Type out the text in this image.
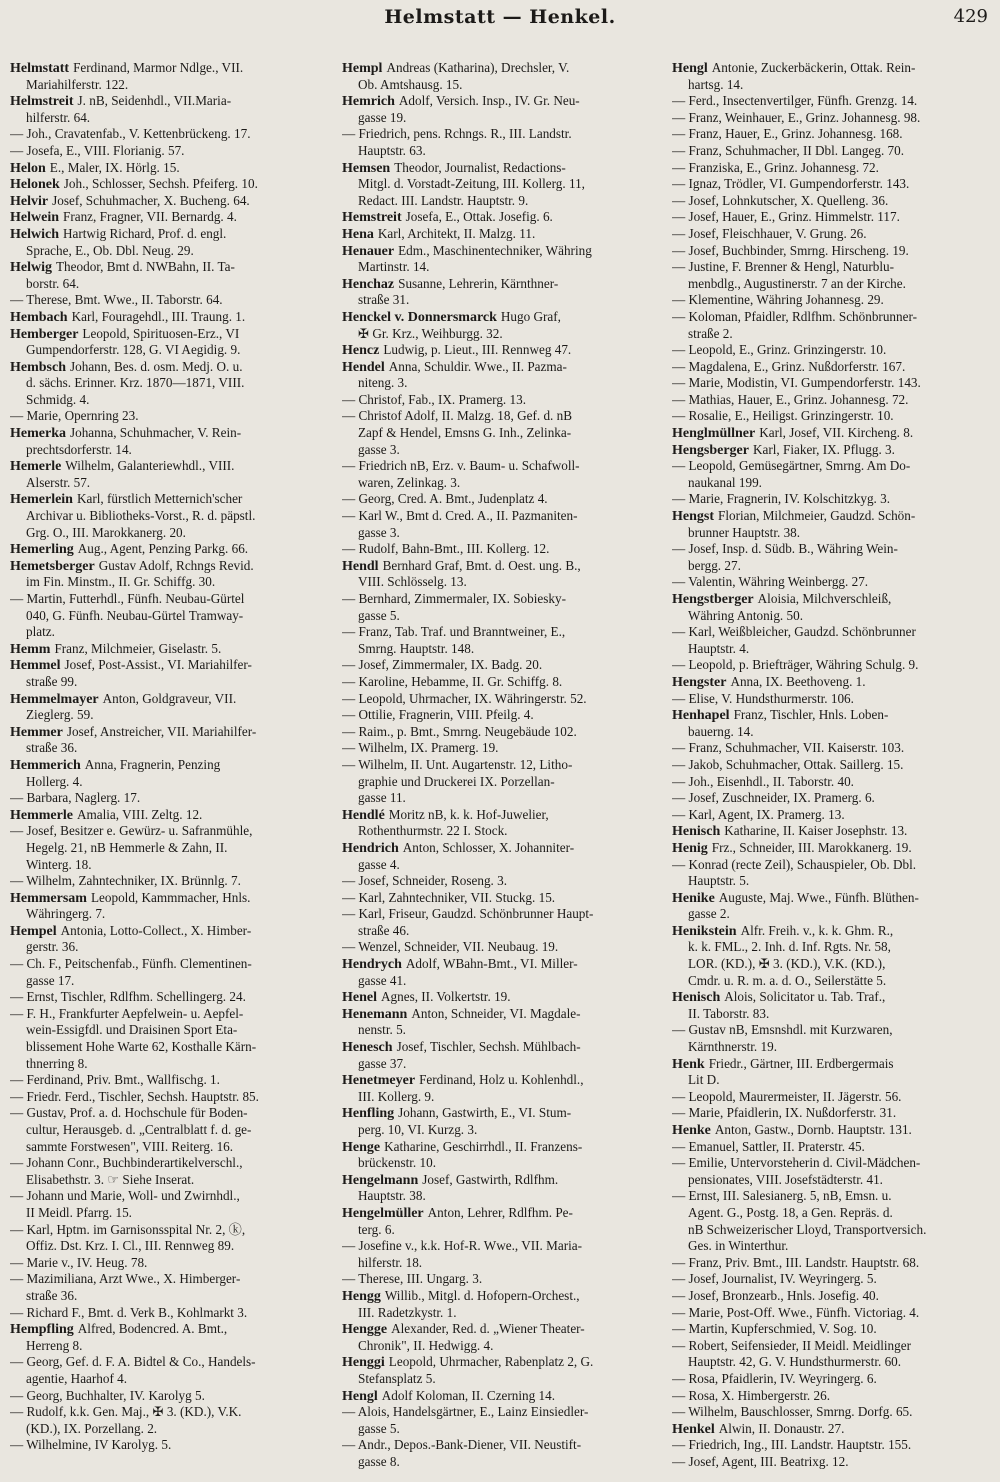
Helmstatt — Henkel.	429
Helmstatt Ferdinand, Marmor Ndlge., VII.
Mariahilferstr. 122.
Helmstreit J. nB, Seidenhdl., VII.Maria-
hilferstr. 64.
— Joh., Cravatenfab., V. Kettenbrückeng. 17.
— Josefa, E., VIII. Florianig. 57.
Helon E., Maler, IX. Hörlg. 15.
Helonek Joh., Schlosser, Sechsh. Pfeiferg. 10.
Helvir Josef, Schuhmacher, X. Bucheng. 64.
Helwein Franz, Fragner, VII. Bernardg. 4.
Helwich Hartwig Richard, Prof. d. engl.
Sprache, E., Ob. Dbl. Neug. 29.
Helwig Theodor, Bmt d. NWBahn, II. Ta-
borstr. 64.
— Therese, Bmt. Wwe., II. Taborstr. 64.
Hembach Karl, Fouragehdl., III. Traung. 1.
Hemberger Leopold, Spirituosen-Erz., VI
Gumpendorferstr. 128, G. VI Aegidig. 9.
Hembsch Johann, Bes. d. osm. Medj. O. u.
d. sächs. Erinner. Krz. 1870—1871, VIII.
Schmidg. 4.
— Marie, Opernring 23.
Hemerka Johanna, Schuhmacher, V. Rein-
prechtsdorferstr. 14.
Hemerle Wilhelm, Galanteriewhdl., VIII.
Alserstr. 57.
Hemerlein Karl, fürstlich Metternich'scher
Archivar u. Bibliotheks-Vorst., R. d. päpstl.
Grg. O., III. Marokkanerg. 20.
Hemerling Aug., Agent, Penzing Parkg. 66.
Hemetsberger Gustav Adolf, Rchngs Revid.
im Fin. Minstm., II. Gr. Schiffg. 30.
— Martin, Futterhdl., Fünfh. Neubau-Gürtel
040, G. Fünfh. Neubau-Gürtel Tramway-
platz.
Hemm Franz, Milchmeier, Giselastr. 5.
Hemmel Josef, Post-Assist., VI. Mariahilfer-
straße 99.
Hemmelmayer Anton, Goldgraveur, VII.
Zieglerg. 59.
Hemmer Josef, Anstreicher, VII. Mariahilfer-
straße 36.
Hemmerich Anna, Fragnerin, Penzing
Hollerg. 4.
— Barbara, Naglerg. 17.
Hemmerle Amalia, VIII. Zeltg. 12.
— Josef, Besitzer e. Gewürz- u. Safranmühle,
Hegelg. 21, nB Hemmerle & Zahn, II.
Winterg. 18.
— Wilhelm, Zahntechniker, IX. Brünnlg. 7.
Hemmersam Leopold, Kammmacher, Hnls.
Währingerg. 7.
Hempel Antonia, Lotto-Collect., X. Himber-
gerstr. 36.
— Ch. F., Peitschenfab., Fünfh. Clementinen-
gasse 17.
— Ernst, Tischler, Rdlfhm. Schellingerg. 24.
— F. H., Frankfurter Aepfelwein- u. Aepfel-
wein-Essigfdl. und Draisinen Sport Eta-
blissement Hohe Warte 62, Kosthalle Kärn-
thnerring 8.
— Ferdinand, Priv. Bmt., Wallfischg. 1.
— Friedr. Ferd., Tischler, Sechsh. Hauptstr. 85.
— Gustav, Prof. a. d. Hochschule für Boden-
cultur, Herausgeb. d. „Centralblatt f. d. ge-
sammte Forstwesen", VIII. Reiterg. 16.
— Johann Conr., Buchbinderartikelverschl.,
Elisabethstr. 3. ☞ Siehe Inserat.
— Johann und Marie, Woll- und Zwirnhdl.,
II Meidl. Pfarrg. 15.
— Karl, Hptm. im Garnisonsspital Nr. 2, ⓚ,
Offiz. Dst. Krz. I. Cl., III. Rennweg 89.
— Marie v., IV. Heug. 78.
— Mazimiliana, Arzt Wwe., X. Himberger-
straße 36.
— Richard F., Bmt. d. Verk B., Kohlmarkt 3.
Hempfling Alfred, Bodencred. A. Bmt.,
Herreng 8.
— Georg, Gef. d. F. A. Bidtel & Co., Handels-
agentie, Haarhof 4.
— Georg, Buchhalter, IV. Karolyg 5.
— Rudolf, k.k. Gen. Maj., ✠ 3. (KD.), V.K.
(KD.), IX. Porzellang. 2.
— Wilhelmine, IV Karolyg. 5.
Hempl Andreas (Katharina), Drechsler, V.
Ob. Amtshausg. 15.
Hemrich Adolf, Versich. Insp., IV. Gr. Neu-
gasse 19.
— Friedrich, pens. Rchngs. R., III. Landstr.
Hauptstr. 63.
Hemsen Theodor, Journalist, Redactions-
Mitgl. d. Vorstadt-Zeitung, III. Kollerg. 11,
Redact. III. Landstr. Hauptstr. 9.
Hemstreit Josefa, E., Ottak. Josefig. 6.
Hena Karl, Architekt, II. Malzg. 11.
Henauer Edm., Maschinentechniker, Währing
Martinstr. 14.
Henchaz Susanne, Lehrerin, Kärnthner-
straße 31.
Henckel v. Donnersmarck Hugo Graf,
✠ Gr. Krz., Weihburgg. 32.
Hencz Ludwig, p. Lieut., III. Rennweg 47.
Hendel Anna, Schuldir. Wwe., II. Pazma-
niteng. 3.
— Christof, Fab., IX. Pramerg. 13.
— Christof Adolf, II. Malzg. 18, Gef. d. nB
Zapf & Hendel, Emsns G. Inh., Zelinka-
gasse 3.
— Friedrich nB, Erz. v. Baum- u. Schafwoll-
waren, Zelinkag. 3.
— Georg, Cred. A. Bmt., Judenplatz 4.
— Karl W., Bmt d. Cred. A., II. Pazmaniten-
gasse 3.
— Rudolf, Bahn-Bmt., III. Kollerg. 12.
Hendl Bernhard Graf, Bmt. d. Oest. ung. B.,
VIII. Schlösselg. 13.
— Bernhard, Zimmermaler, IX. Sobiesky-
gasse 5.
— Franz, Tab. Traf. und Branntweiner, E.,
Smrng. Hauptstr. 148.
— Josef, Zimmermaler, IX. Badg. 20.
— Karoline, Hebamme, II. Gr. Schiffg. 8.
— Leopold, Uhrmacher, IX. Währingerstr. 52.
— Ottilie, Fragnerin, VIII. Pfeilg. 4.
— Raim., p. Bmt., Smrng. Neugebäude 102.
— Wilhelm, IX. Pramerg. 19.
— Wilhelm, II. Unt. Augartenstr. 12, Litho-
graphie und Druckerei IX. Porzellan-
gasse 11.
Hendlé Moritz nB, k. k. Hof-Juwelier,
Rothenthurmstr. 22 I. Stock.
Hendrich Anton, Schlosser, X. Johanniter-
gasse 4.
— Josef, Schneider, Roseng. 3.
— Karl, Zahntechniker, VII. Stuckg. 15.
— Karl, Friseur, Gaudzd. Schönbrunner Haupt-
straße 46.
— Wenzel, Schneider, VII. Neubaug. 19.
Hendrych Adolf, WBahn-Bmt., VI. Miller-
gasse 41.
Henel Agnes, II. Volkertstr. 19.
Henemann Anton, Schneider, VI. Magdale-
nenstr. 5.
Henesch Josef, Tischler, Sechsh. Mühlbach-
gasse 37.
Henetmeyer Ferdinand, Holz u. Kohlenhdl.,
III. Kollerg. 9.
Henfling Johann, Gastwirth, E., VI. Stum-
perg. 10, VI. Kurzg. 3.
Henge Katharine, Geschirrhdl., II. Franzens-
brückenstr. 10.
Hengelmann Josef, Gastwirth, Rdlfhm.
Hauptstr. 38.
Hengelmüller Anton, Lehrer, Rdlfhm. Pe-
terg. 6.
— Josefine v., k.k. Hof-R. Wwe., VII. Maria-
hilferstr. 18.
— Therese, III. Ungarg. 3.
Hengg Willib., Mitgl. d. Hofopern-Orchest.,
III. Radetzkystr. 1.
Hengge Alexander, Red. d. „Wiener Theater-
Chronik", II. Hedwigg. 4.
Henggi Leopold, Uhrmacher, Rabenplatz 2, G.
Stefansplatz 5.
Hengl Adolf Koloman, II. Czerning 14.
— Alois, Handelsgärtner, E., Lainz Einsiedler-
gasse 5.
— Andr., Depos.-Bank-Diener, VII. Neustift-
gasse 8.
Hengl Antonie, Zuckerbäckerin, Ottak. Rein-
hartsg. 14.
— Ferd., Insectenvertilger, Fünfh. Grenzg. 14.
— Franz, Weinhauer, E., Grinz. Johannesg. 98.
— Franz, Hauer, E., Grinz. Johannesg. 168.
— Franz, Schuhmacher, II Dbl. Langeg. 70.
— Franziska, E., Grinz. Johannesg. 72.
— Ignaz, Trödler, VI. Gumpendorferstr. 143.
— Josef, Lohnkutscher, X. Quelleng. 36.
— Josef, Hauer, E., Grinz. Himmelstr. 117.
— Josef, Fleischhauer, V. Grung. 26.
— Josef, Buchbinder, Smrng. Hirscheng. 19.
— Justine, F. Brenner & Hengl, Naturblu-
menbdlg., Augustinerstr. 7 an der Kirche.
— Klementine, Währing Johannesg. 29.
— Koloman, Pfaidler, Rdlfhm. Schönbrunner-
straße 2.
— Leopold, E., Grinz. Grinzingerstr. 10.
— Magdalena, E., Grinz. Nußdorferstr. 167.
— Marie, Modistin, VI. Gumpendorferstr. 143.
— Mathias, Hauer, E., Grinz. Johannesg. 72.
— Rosalie, E., Heiligst. Grinzingerstr. 10.
Henglmüllner Karl, Josef, VII. Kircheng. 8.
Hengsberger Karl, Fiaker, IX. Pflugg. 3.
— Leopold, Gemüsegärtner, Smrng. Am Do-
naukanal 199.
— Marie, Fragnerin, IV. Kolschitzkyg. 3.
Hengst Florian, Milchmeier, Gaudzd. Schön-
brunner Hauptstr. 38.
— Josef, Insp. d. Südb. B., Währing Wein-
bergg. 27.
— Valentin, Währing Weinbergg. 27.
Hengstberger Aloisia, Milchverschleiß,
Währing Antonig. 50.
— Karl, Weißbleicher, Gaudzd. Schönbrunner
Hauptstr. 4.
— Leopold, p. Briefträger, Währing Schulg. 9.
Hengster Anna, IX. Beethoveng. 1.
— Elise, V. Hundsthurmerstr. 106.
Henhapel Franz, Tischler, Hnls. Loben-
bauerng. 14.
— Franz, Schuhmacher, VII. Kaiserstr. 103.
— Jakob, Schuhmacher, Ottak. Saillerg. 15.
— Joh., Eisenhdl., II. Taborstr. 40.
— Josef, Zuschneider, IX. Pramerg. 6.
— Karl, Agent, IX. Pramerg. 13.
Henisch Katharine, II. Kaiser Josephstr. 13.
Henig Frz., Schneider, III. Marokkanerg. 19.
— Konrad (recte Zeil), Schauspieler, Ob. Dbl.
Hauptstr. 5.
Henike Auguste, Maj. Wwe., Fünfh. Blüthen-
gasse 2.
Henikstein Alfr. Freih. v., k. k. Ghm. R.,
k. k. FML., 2. Inh. d. Inf. Rgts. Nr. 58,
LOR. (KD.), ✠ 3. (KD.), V.K. (KD.),
Cmdr. u. R. m. a. d. O., Seilerstätte 5.
Henisch Alois, Solicitator u. Tab. Traf.,
II. Taborstr. 83.
— Gustav nB, Emsnshdl. mit Kurzwaren,
Kärnthnerstr. 19.
Henk Friedr., Gärtner, III. Erdbergermais
Lit D.
— Leopold, Maurermeister, II. Jägerstr. 56.
— Marie, Pfaidlerin, IX. Nußdorferstr. 31.
Henke Anton, Gastw., Dornb. Hauptstr. 131.
— Emanuel, Sattler, II. Praterstr. 45.
— Emilie, Untervorsteherin d. Civil-Mädchen-
pensionates, VIII. Josefstädterstr. 41.
— Ernst, III. Salesianerg. 5, nB, Emsn. u.
Agent. G., Postg. 18, a Gen. Repräs. d.
nB Schweizerischer Lloyd, Transportversich.
Ges. in Winterthur.
— Franz, Priv. Bmt., III. Landstr. Hauptstr. 68.
— Josef, Journalist, IV. Weyringerg. 5.
— Josef, Bronzearb., Hnls. Josefig. 40.
— Marie, Post-Off. Wwe., Fünfh. Victoriag. 4.
— Martin, Kupferschmied, V. Sog. 10.
— Robert, Seifensieder, II Meidl. Meidlinger
Hauptstr. 42, G. V. Hundsthurmerstr. 60.
— Rosa, Pfaidlerin, IV. Weyringerg. 6.
— Rosa, X. Himbergerstr. 26.
— Wilhelm, Bauschlosser, Smrng. Dorfg. 65.
Henkel Alwin, II. Donaustr. 27.
— Friedrich, Ing., III. Landstr. Hauptstr. 155.
— Josef, Agent, III. Beatrixg. 12.
